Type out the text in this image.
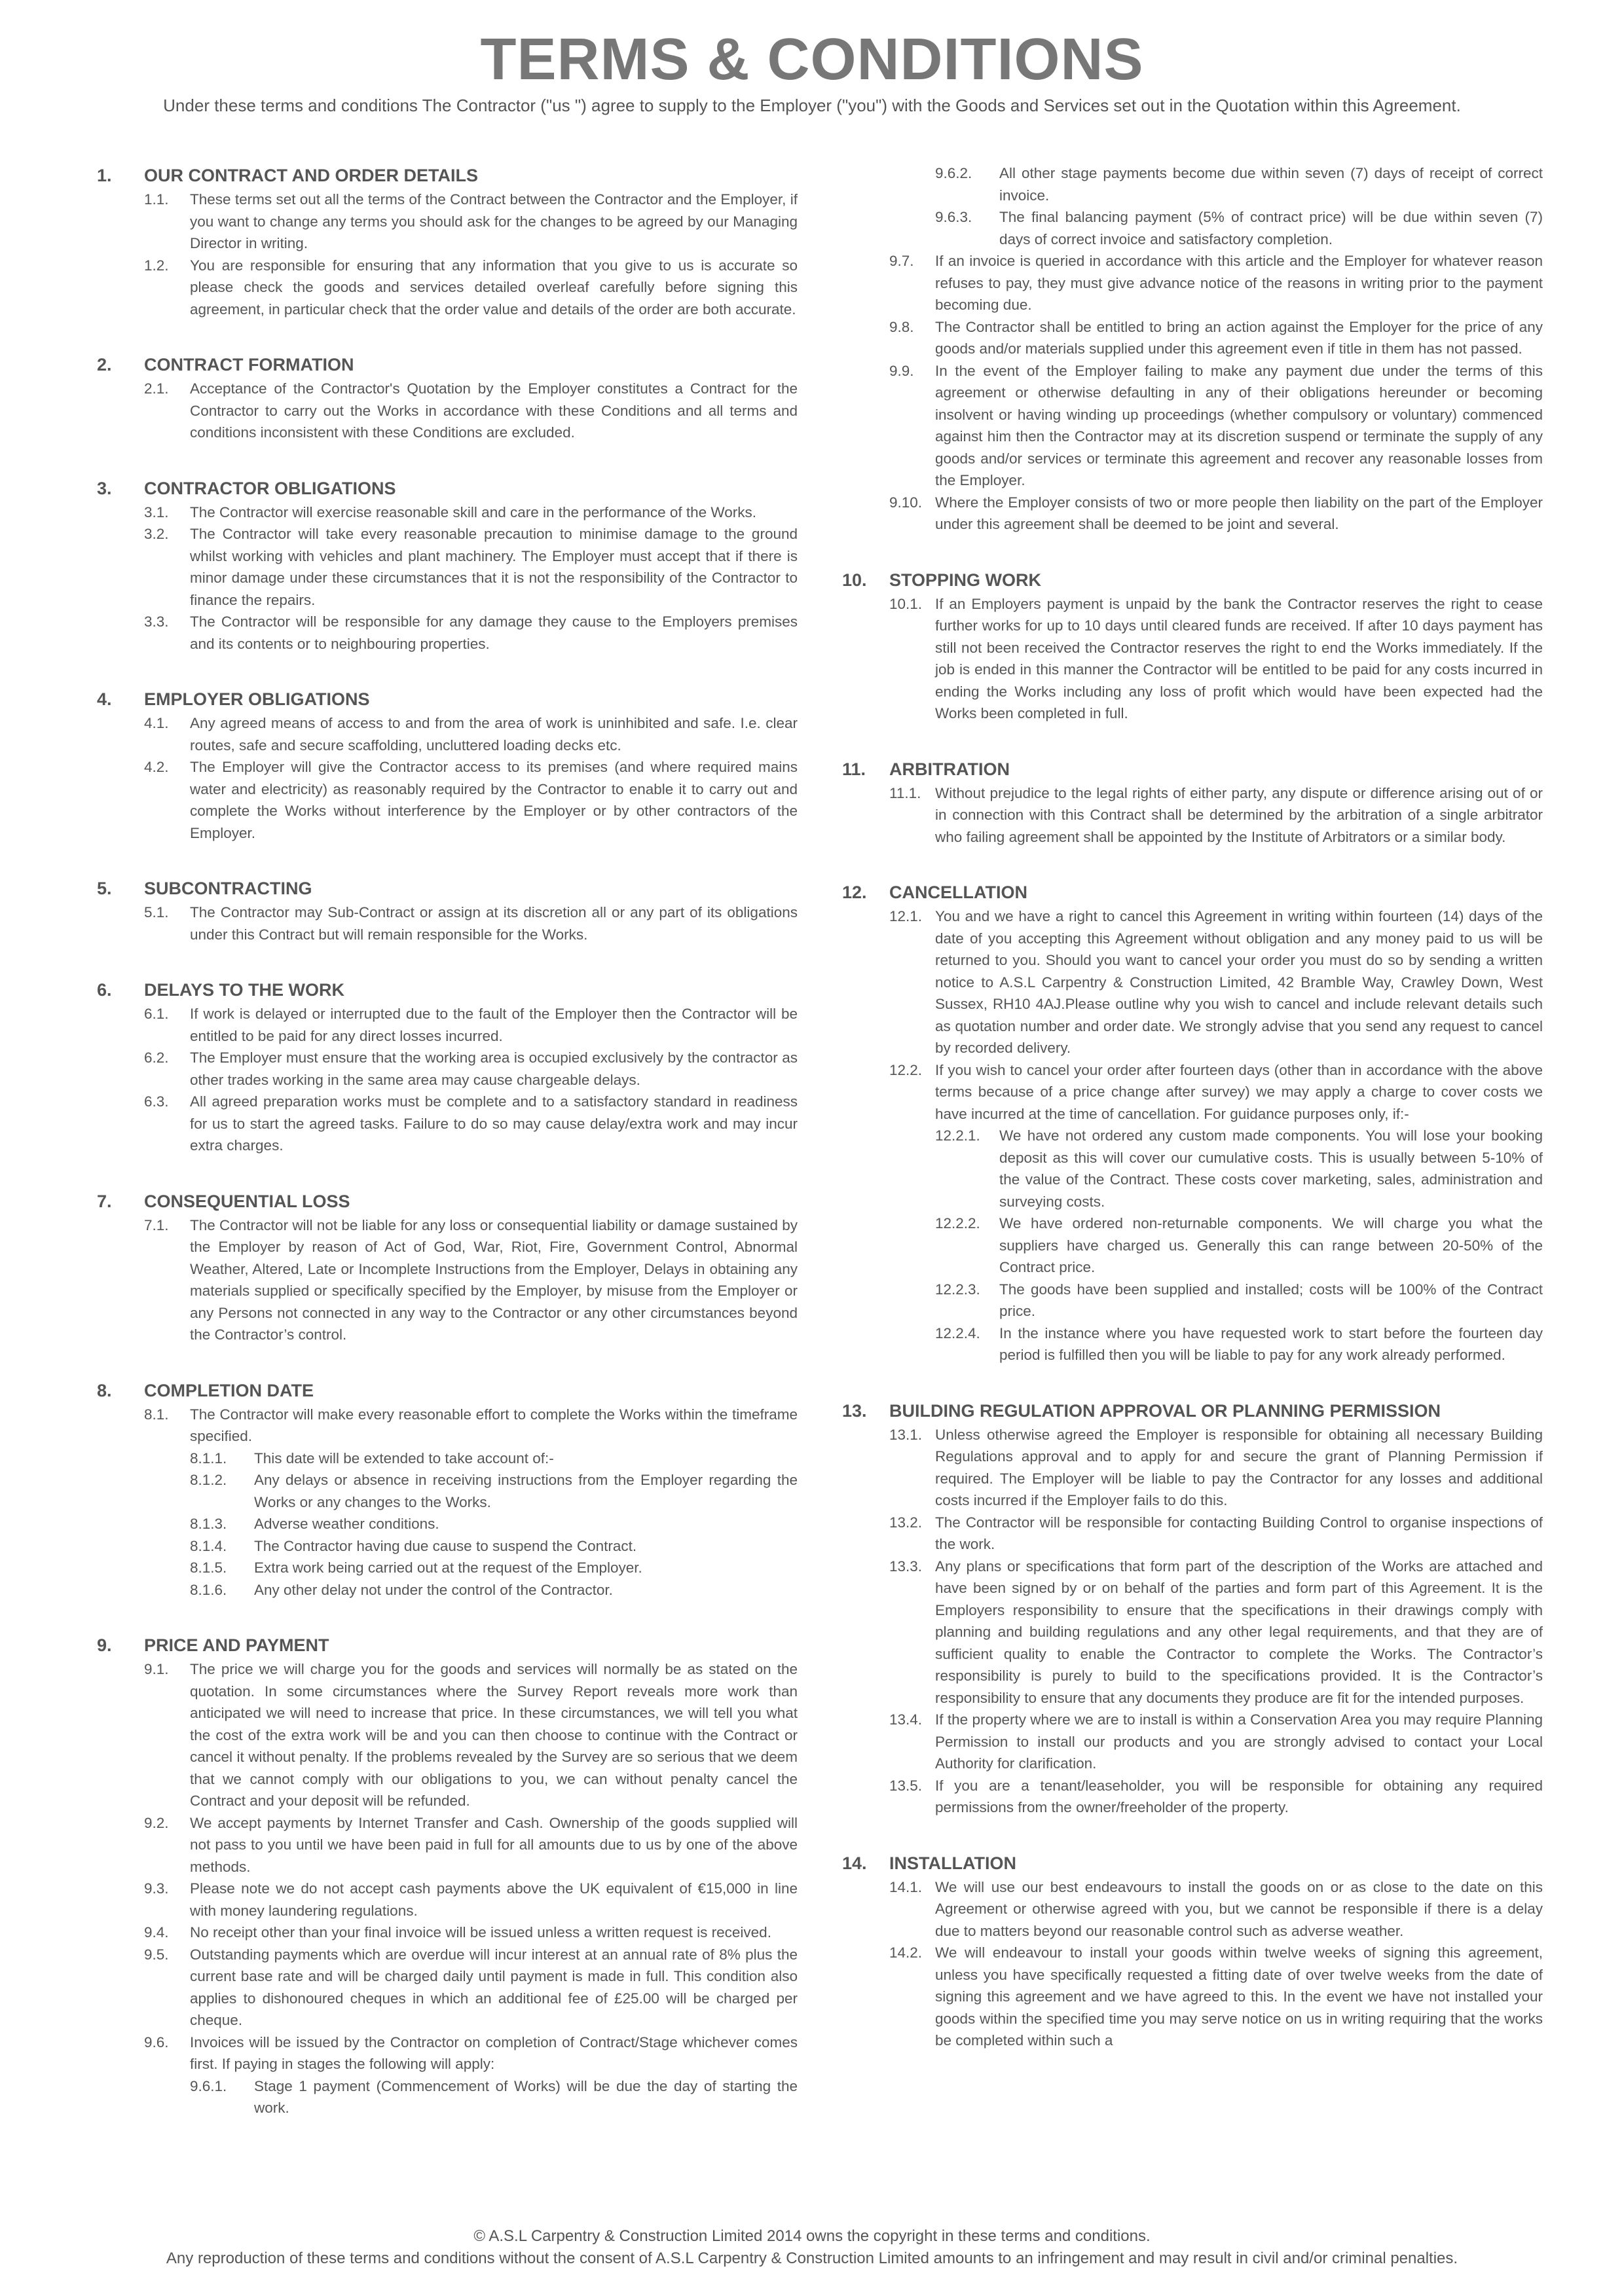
TERMS & CONDITIONS

Under these terms and conditions The Contractor ("us ") agree to supply to the Employer ("you") with the Goods and Services set out in the Quotation within this Agreement.

1.	OUR CONTRACT AND ORDER DETAILS
1.1.	These terms set out all the terms of the Contract between the Contractor and the Employer, if you want to change any terms you should ask for the changes to be agreed by our Managing Director in writing.
1.2.	You are responsible for ensuring that any information that you give to us is accurate so please check the goods and services detailed overleaf carefully before signing this agreement, in particular check that the order value and details of the order are both accurate.
2.	CONTRACT FORMATION
2.1.	Acceptance of the Contractor's Quotation by the Employer constitutes a Contract for the Contractor to carry out the Works in accordance with these Conditions and all terms and conditions inconsistent with these Conditions are excluded.
3.	CONTRACTOR OBLIGATIONS
3.1.	The Contractor will exercise reasonable skill and care in the performance of the Works.
3.2.	The Contractor will take every reasonable precaution to minimise damage to the ground whilst working with vehicles and plant machinery. The Employer must accept that if there is minor damage under these circumstances that it is not the responsibility of the Contractor to finance the repairs.
3.3.	The Contractor will be responsible for any damage they cause to the Employers premises and its contents or to neighbouring properties.
4.	EMPLOYER OBLIGATIONS
4.1.	Any agreed means of access to and from the area of work is uninhibited and safe. I.e. clear routes, safe and secure scaffolding, uncluttered loading decks etc.
4.2.	The Employer will give the Contractor access to its premises (and where required mains water and electricity) as reasonably required by the Contractor to enable it to carry out and complete the Works without interference by the Employer or by other contractors of the Employer.
5.	SUBCONTRACTING
5.1.	The Contractor may Sub-Contract or assign at its discretion all or any part of its obligations under this Contract but will remain responsible for the Works.
6.	DELAYS TO THE WORK
6.1.	If work is delayed or interrupted due to the fault of the Employer then the Contractor will be entitled to be paid for any direct losses incurred.
6.2.	The Employer must ensure that the working area is occupied exclusively by the contractor as other trades working in the same area may cause chargeable delays.
6.3.	All agreed preparation works must be complete and to a satisfactory standard in readiness for us to start the agreed tasks. Failure to do so may cause delay/extra work and may incur extra charges.
7.	CONSEQUENTIAL LOSS
7.1.	The Contractor will not be liable for any loss or consequential liability or damage sustained by the Employer by reason of Act of God, War, Riot, Fire, Government Control, Abnormal Weather, Altered, Late or Incomplete Instructions from the Employer, Delays in obtaining any materials supplied or specifically specified by the Employer, by misuse from the Employer or any Persons not connected in any way to the Contractor or any other circumstances beyond the Contractor’s control.
8.	COMPLETION DATE
8.1.	The Contractor will make every reasonable effort to complete the Works within the timeframe specified.
8.1.1.	This date will be extended to take account of:-
8.1.2.	Any delays or absence in receiving instructions from the Employer regarding the Works or any changes to the Works.
8.1.3.	Adverse weather conditions.
8.1.4.	The Contractor having due cause to suspend the Contract.
8.1.5.	Extra work being carried out at the request of the Employer.
8.1.6.	Any other delay not under the control of the Contractor.
9.	PRICE AND PAYMENT
9.1.	The price we will charge you for the goods and services will normally be as stated on the quotation. In some circumstances where the Survey Report reveals more work than anticipated we will need to increase that price. In these circumstances, we will tell you what the cost of the extra work will be and you can then choose to continue with the Contract or cancel it without penalty. If the problems revealed by the Survey are so serious that we deem that we cannot comply with our obligations to you, we can without penalty cancel the Contract and your deposit will be refunded.
9.2.	We accept payments by Internet Transfer and Cash. Ownership of the goods supplied will not pass to you until we have been paid in full for all amounts due to us by one of the above methods.
9.3.	Please note we do not accept cash payments above the UK equivalent of €15,000 in line with money laundering regulations.
9.4.	No receipt other than your final invoice will be issued unless a written request is received.
9.5.	Outstanding payments which are overdue will incur interest at an annual rate of 8% plus the current base rate and will be charged daily until payment is made in full. This condition also applies to dishonoured cheques in which an additional fee of £25.00 will be charged per cheque.
9.6.	Invoices will be issued by the Contractor on completion of Contract/Stage whichever comes first. If paying in stages the following will apply:
9.6.1.	Stage 1 payment (Commencement of Works) will be due the day of starting the work.
9.6.2.	All other stage payments become due within seven (7) days of receipt of correct invoice.
9.6.3.	The final balancing payment (5% of contract price) will be due within seven (7) days of correct invoice and satisfactory completion.
9.7.	If an invoice is queried in accordance with this article and the Employer for whatever reason refuses to pay, they must give advance notice of the reasons in writing prior to the payment becoming due.
9.8.	The Contractor shall be entitled to bring an action against the Employer for the price of any goods and/or materials supplied under this agreement even if title in them has not passed.
9.9.	In the event of the Employer failing to make any payment due under the terms of this agreement or otherwise defaulting in any of their obligations hereunder or becoming insolvent or having winding up proceedings (whether compulsory or voluntary) commenced against him then the Contractor may at its discretion suspend or terminate the supply of any goods and/or services or terminate this agreement and recover any reasonable losses from the Employer.
9.10. Where the Employer consists of two or more people then liability on the part of the Employer under this agreement shall be deemed to be joint and several.
10.	STOPPING WORK
10.1. If an Employers payment is unpaid by the bank the Contractor reserves the right to cease further works for up to 10 days until cleared funds are received. If after 10 days payment has still not been received the Contractor reserves the right to end the Works immediately. If the job is ended in this manner the Contractor will be entitled to be paid for any costs incurred in ending the Works including any loss of profit which would have been expected had the Works been completed in full.
11.	ARBITRATION
11.1. Without prejudice to the legal rights of either party, any dispute or difference arising out of or in connection with this Contract shall be determined by the arbitration of a single arbitrator who failing agreement shall be appointed by the Institute of Arbitrators or a similar body.
12.	CANCELLATION
12.1. You and we have a right to cancel this Agreement in writing within fourteen (14) days of the date of you accepting this Agreement without obligation and any money paid to us will be returned to you. Should you want to cancel your order you must do so by sending a written notice to A.S.L Carpentry & Construction Limited, 42 Bramble Way, Crawley Down, West Sussex, RH10 4AJ.Please outline why you wish to cancel and include relevant details such as quotation number and order date. We strongly advise that you send any request to cancel by recorded delivery.
12.2. If you wish to cancel your order after fourteen days (other than in accordance with the above terms because of a price change after survey) we may apply a charge to cover costs we have incurred at the time of cancellation. For guidance purposes only, if:-
12.2.1.	We have not ordered any custom made components. You will lose your booking deposit as this will cover our cumulative costs. This is usually between 5-10% of the value of the Contract. These costs cover marketing, sales, administration and surveying costs.
12.2.2.	We have ordered non-returnable components. We will charge you what the suppliers have charged us. Generally this can range between 20-50% of the Contract price.
12.2.3.	The goods have been supplied and installed; costs will be 100% of the Contract price.
12.2.4.	In the instance where you have requested work to start before the fourteen day period is fulfilled then you will be liable to pay for any work already performed.
13.	BUILDING REGULATION APPROVAL OR PLANNING PERMISSION
13.1. Unless otherwise agreed the Employer is responsible for obtaining all necessary Building Regulations approval and to apply for and secure the grant of Planning Permission if required. The Employer will be liable to pay the Contractor for any losses and additional costs incurred if the Employer fails to do this.
13.2. The Contractor will be responsible for contacting Building Control to organise inspections of the work.
13.3. Any plans or specifications that form part of the description of the Works are attached and have been signed by or on behalf of the parties and form part of this Agreement. It is the Employers responsibility to ensure that the specifications in their drawings comply with planning and building regulations and any other legal requirements, and that they are of sufficient quality to enable the Contractor to complete the Works. The Contractor’s responsibility is purely to build to the specifications provided. It is the Contractor’s responsibility to ensure that any documents they produce are fit for the intended purposes.
13.4. If the property where we are to install is within a Conservation Area you may require Planning Permission to install our products and you are strongly advised to contact your Local Authority for clarification.
13.5. If you are a tenant/leaseholder, you will be responsible for obtaining any required permissions from the owner/freeholder of the property.
14.	INSTALLATION
14.1. We will use our best endeavours to install the goods on or as close to the date on this Agreement or otherwise agreed with you, but we cannot be responsible if there is a delay due to matters beyond our reasonable control such as adverse weather.
14.2. We will endeavour to install your goods within twelve weeks of signing this agreement, unless you have specifically requested a fitting date of over twelve weeks from the date of signing this agreement and we have agreed to this. In the event we have not installed your goods within the specified time you may serve notice on us in writing requiring that the works be completed within such a
© A.S.L Carpentry & Construction Limited 2014 owns the copyright in these terms and conditions.
Any reproduction of these terms and conditions without the consent of A.S.L Carpentry & Construction Limited amounts to an infringement and may result in civil and/or criminal penalties.
